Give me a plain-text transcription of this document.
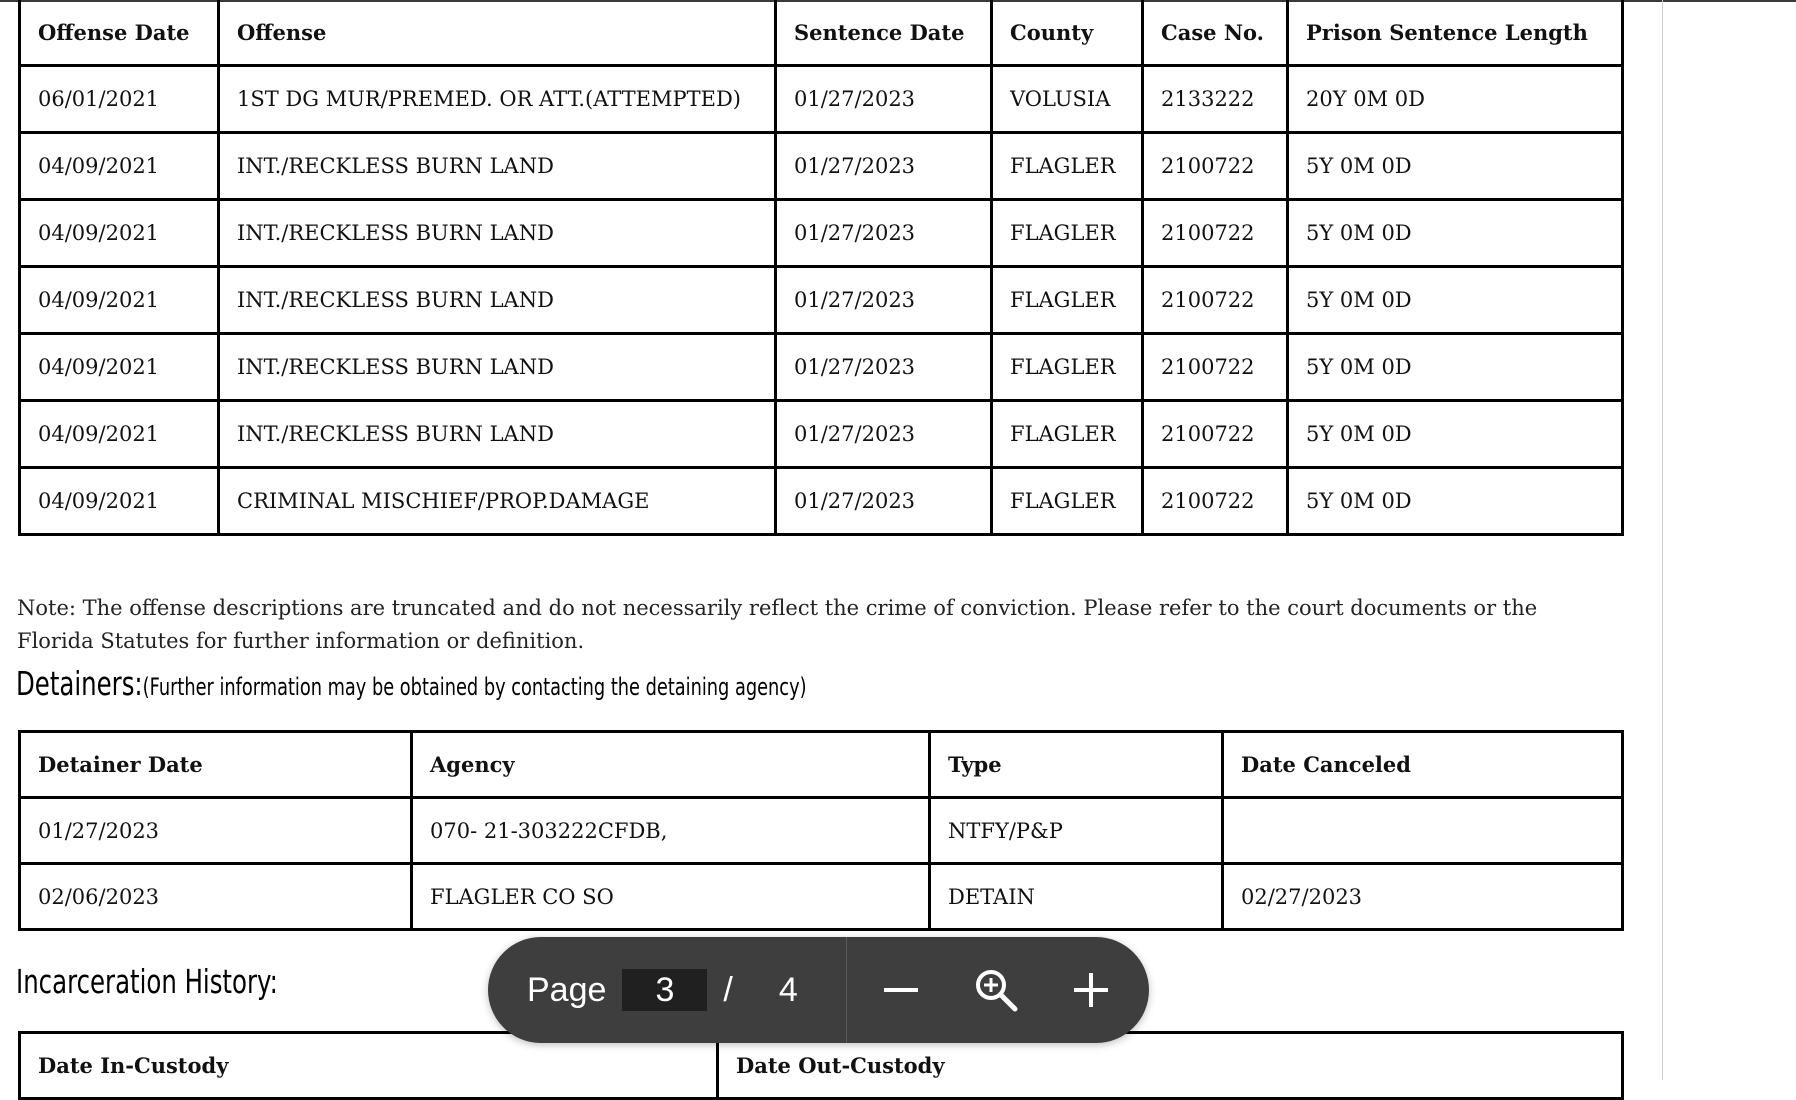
Offense Date	Offense	Sentence Date	County	Case No.	Prison Sentence Length
06/01/2021	1ST DG MUR/PREMED. OR ATT.(ATTEMPTED)	01/27/2023	VOLUSIA	2133222	20Y 0M 0D
04/09/2021	INT./RECKLESS BURN LAND	01/27/2023	FLAGLER	2100722	5Y 0M 0D
04/09/2021	INT./RECKLESS BURN LAND	01/27/2023	FLAGLER	2100722	5Y 0M 0D
04/09/2021	INT./RECKLESS BURN LAND	01/27/2023	FLAGLER	2100722	5Y 0M 0D
04/09/2021	INT./RECKLESS BURN LAND	01/27/2023	FLAGLER	2100722	5Y 0M 0D
04/09/2021	INT./RECKLESS BURN LAND	01/27/2023	FLAGLER	2100722	5Y 0M 0D
04/09/2021	CRIMINAL MISCHIEF/PROP.DAMAGE	01/27/2023	FLAGLER	2100722	5Y 0M 0D
Note: The offense descriptions are truncated and do not necessarily reflect the crime of conviction. Please refer to the court documents or the Florida Statutes for further information or definition.
Detainers:(Further information may be obtained by contacting the detaining agency)
Detainer Date	Agency	Type	Date Canceled
01/27/2023	070- 21-303222CFDB,	NTFY/P&P	
02/06/2023	FLAGLER CO SO	DETAIN	02/27/2023
Incarceration History:
Date In-Custody	Date Out-Custody
Page
3	/ 4
